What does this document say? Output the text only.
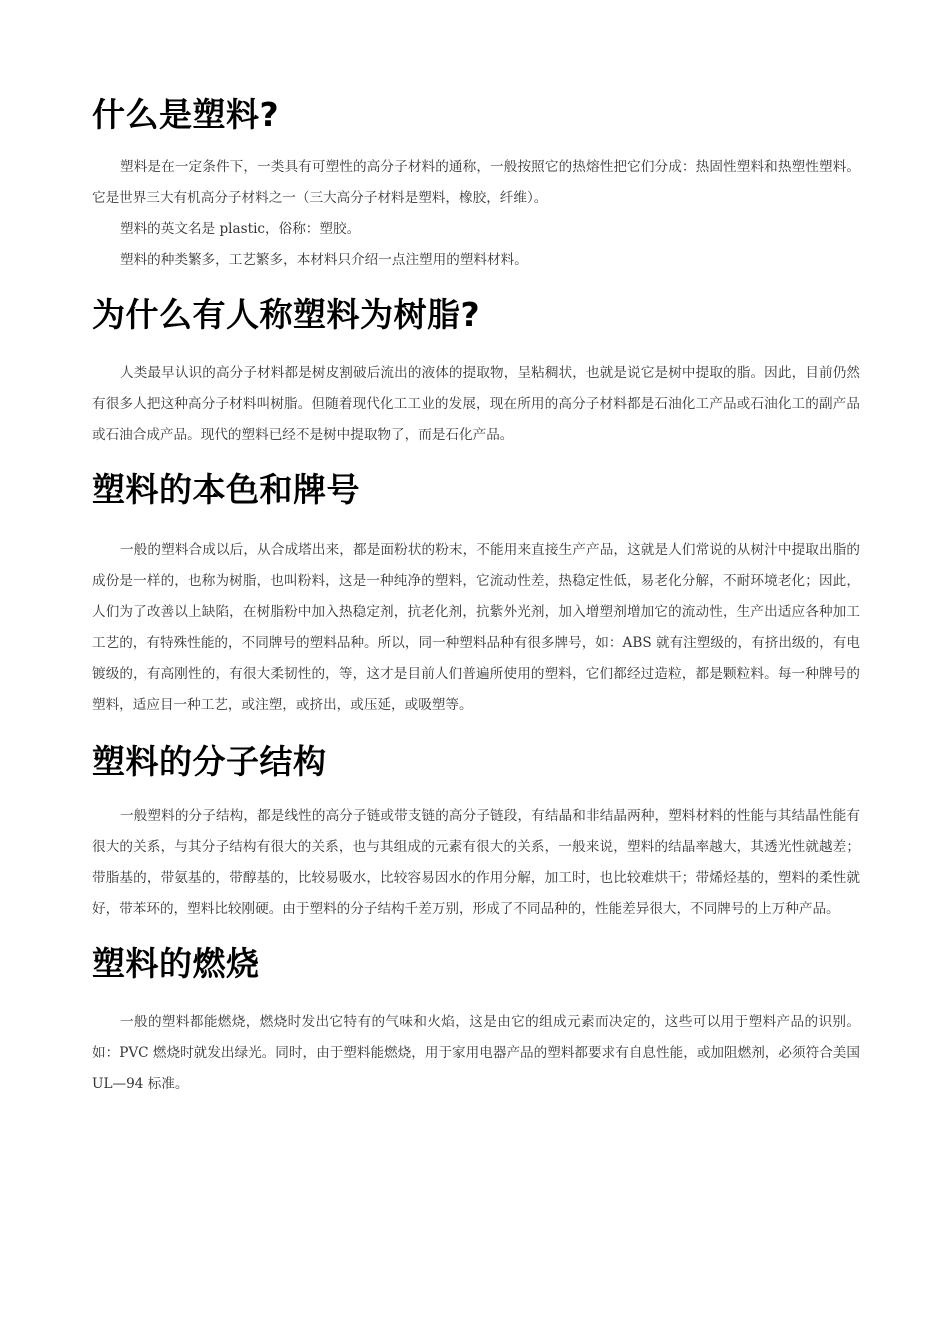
什么是塑料?

塑料是在一定条件下，一类具有可塑性的高分子材料的通称，一般按照它的热熔性把它们分成：热固性塑料和热塑性塑料。它是世界三大有机高分子材料之一（三大高分子材料是塑料，橡胶，纤维）。

塑料的英文名是 plastic，俗称：塑胶。

塑料的种类繁多，工艺繁多，本材料只介绍一点注塑用的塑料材料。

为什么有人称塑料为树脂?

人类最早认识的高分子材料都是树皮割破后流出的液体的提取物，呈粘稠状，也就是说它是树中提取的脂。因此，目前仍然有很多人把这种高分子材料叫树脂。但随着现代化工工业的发展，现在所用的高分子材料都是石油化工产品或石油化工的副产品或石油合成产品。现代的塑料已经不是树中提取物了，而是石化产品。

塑料的本色和牌号

一般的塑料合成以后，从合成塔出来，都是面粉状的粉末，不能用来直接生产产品，这就是人们常说的从树汁中提取出脂的成份是一样的，也称为树脂，也叫粉料，这是一种纯净的塑料，它流动性差，热稳定性低，易老化分解，不耐环境老化；因此，人们为了改善以上缺陷，在树脂粉中加入热稳定剂，抗老化剂，抗紫外光剂，加入增塑剂增加它的流动性，生产出适应各种加工工艺的，有特殊性能的，不同牌号的塑料品种。所以，同一种塑料品种有很多牌号，如：ABS 就有注塑级的，有挤出级的，有电镀级的，有高刚性的，有很大柔韧性的，等，这才是目前人们普遍所使用的塑料，它们都经过造粒，都是颗粒料。每一种牌号的塑料，适应目一种工艺，或注塑，或挤出，或压延，或吸塑等。

塑料的分子结构

一般塑料的分子结构，都是线性的高分子链或带支链的高分子链段，有结晶和非结晶两种，塑料材料的性能与其结晶性能有很大的关系，与其分子结构有很大的关系，也与其组成的元素有很大的关系，一般来说，塑料的结晶率越大，其透光性就越差；带脂基的，带氨基的，带醇基的，比较易吸水，比较容易因水的作用分解，加工时，也比较难烘干；带烯烃基的，塑料的柔性就好，带苯环的，塑料比较刚硬。由于塑料的分子结构千差万别，形成了不同品种的，性能差异很大，不同牌号的上万种产品。

塑料的燃烧

一般的塑料都能燃烧，燃烧时发出它特有的气味和火焰，这是由它的组成元素而决定的，这些可以用于塑料产品的识别。如：PVC 燃烧时就发出绿光。同时，由于塑料能燃烧，用于家用电器产品的塑料都要求有自息性能，或加阻燃剂，必须符合美国 UL—94 标准。
